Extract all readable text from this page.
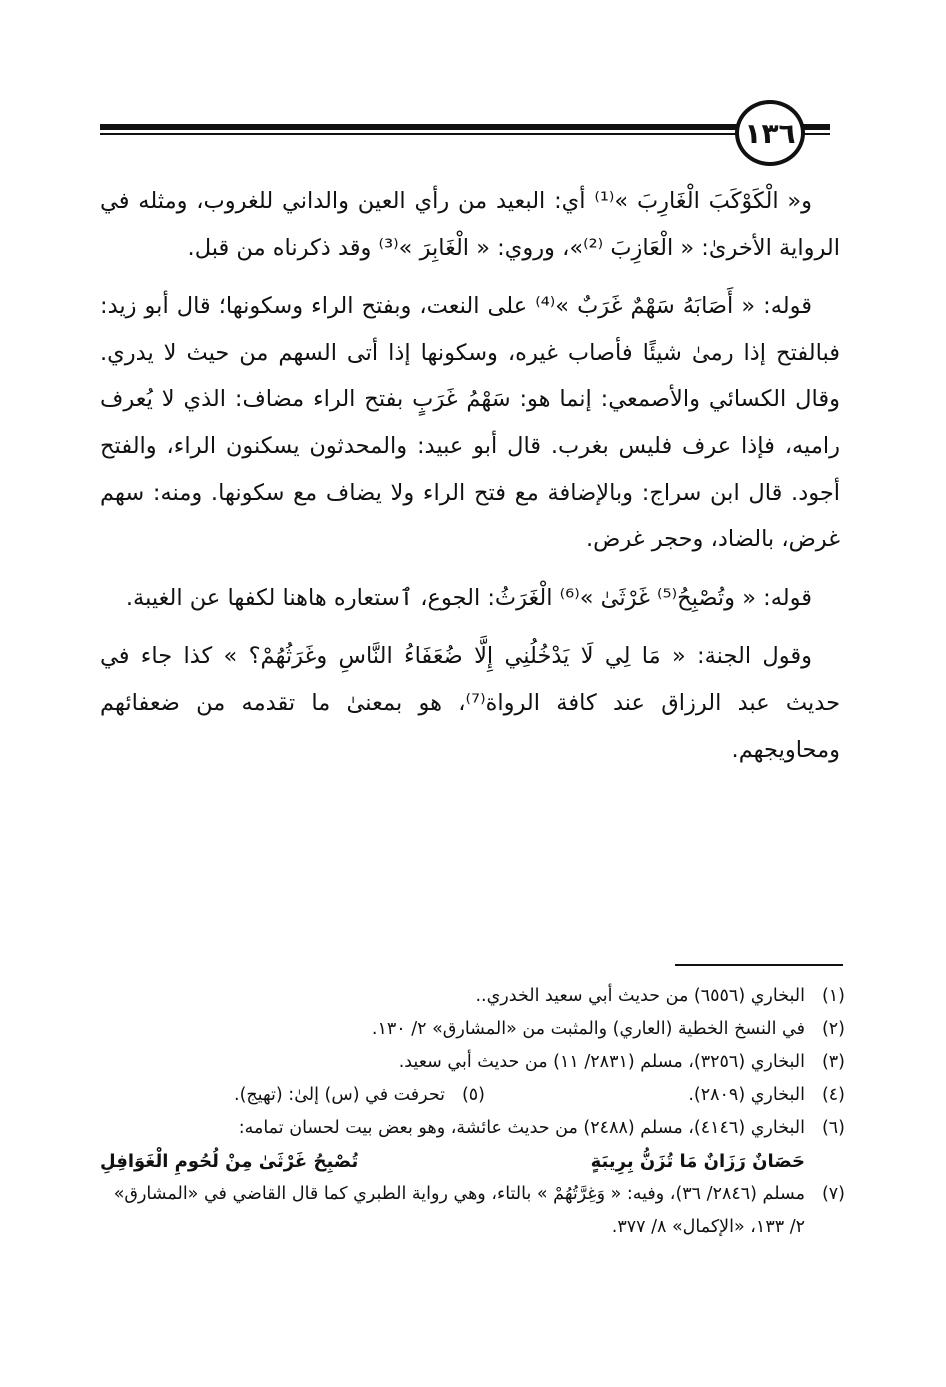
١٣٦

و« الْكَوْكَبَ الْغَارِبَ »⁽¹⁾ أي: البعيد من رأي العين والداني للغروب، ومثله في الرواية الأخرىٰ: « الْعَازِبَ ⁽²⁾»، وروي: « الْغَابِرَ »⁽³⁾ وقد ذكرناه من قبل.

قوله: « أَصَابَهُ سَهْمٌ غَرَبٌ »⁽⁴⁾ على النعت، وبفتح الراء وسكونها؛ قال أبو زيد: فبالفتح إذا رمىٰ شيئًا فأصاب غيره، وسكونها إذا أتى السهم من حيث لا يدري. وقال الكسائي والأصمعي: إنما هو: سَهْمُ غَرَبٍ بفتح الراء مضاف: الذي لا يُعرف راميه، فإذا عرف فليس بغرب. قال أبو عبيد: والمحدثون يسكنون الراء، والفتح أجود. قال ابن سراج: وبالإضافة مع فتح الراء ولا يضاف مع سكونها. ومنه: سهم غرض، بالضاد، وحجر غرض.

قوله: « وتُصْبِحُ⁽⁵⁾ غَرْثَىٰ »⁽⁶⁾ الْغَرَثُ: الجوع، ٱستعاره هاهنا لكفها عن الغيبة.

وقول الجنة: « مَا لِي لَا يَدْخُلُنِي إِلَّا ضُعَفَاءُ النَّاسِ وغَرَثُهُمْ؟ » كذا جاء في حديث عبد الرزاق عند كافة الرواة⁽⁷⁾، هو بمعنىٰ ما تقدمه من ضعفائهم ومحاويجهم.

(١)
البخاري (٦٥٥٦) من حديث أبي سعيد الخدري..
(٢)
في النسخ الخطية (العاري) والمثبت من «المشارق» ٢/ ١٣٠.
(٣)
البخاري (٣٢٥٦)، مسلم (٢٨٣١/ ١١) من حديث أبي سعيد.
(٤)
البخاري (٢٨٠٩).
(٥)
تحرفت في (س) إلىٰ: (تهيج).
(٦)
البخاري (٤١٤٦)، مسلم (٢٤٨٨) من حديث عائشة، وهو بعض بيت لحسان تمامه:
حَصَانٌ رَزَانٌ مَا تُزَنُّ بِرِيبَةٍ
تُصْبِحُ غَرْثَىٰ مِنْ لُحُومِ الْغَوَافِلِ
(٧)
مسلم (٢٨٤٦/ ٣٦)، وفيه: « وَغِرَّتُهُمْ » بالتاء، وهي رواية الطبري كما قال القاضي في «المشارق» ٢/ ١٣٣، «الإكمال» ٨/ ٣٧٧.
